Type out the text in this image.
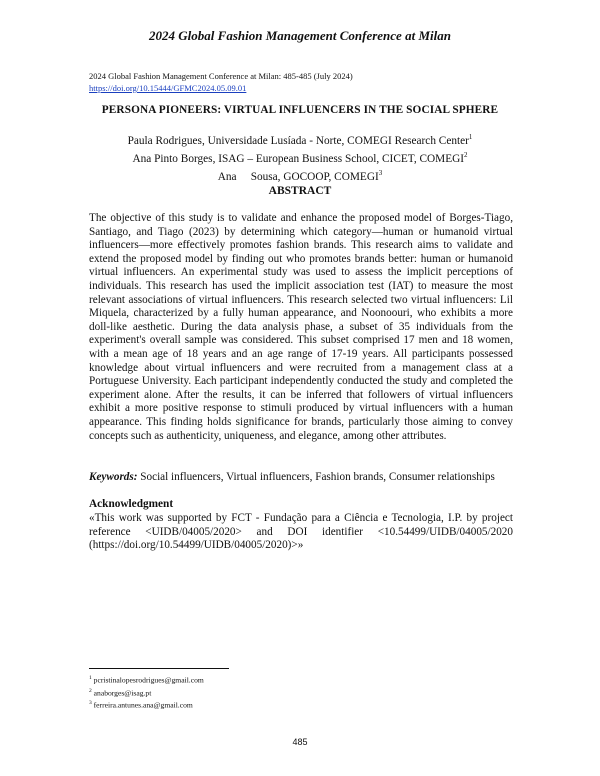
2024 Global Fashion Management Conference at Milan
2024 Global Fashion Management Conference at Milan: 485-485 (July 2024)
https://doi.org/10.15444/GFMC2024.05.09.01
PERSONA PIONEERS: VIRTUAL INFLUENCERS IN THE SOCIAL SPHERE
Paula Rodrigues, Universidade Lusíada - Norte, COMEGI Research Center$^1$
Ana Pinto Borges, ISAG – European Business School, CICET, COMEGI$^2$
Ana     Sousa, GOCOOP, COMEGI$^3$
ABSTRACT
The objective of this study is to validate and enhance the proposed model of Borges-Tiago, Santiago, and Tiago (2023) by determining which category—human or humanoid virtual influencers—more effectively promotes fashion brands. This research aims to validate and extend the proposed model by finding out who promotes brands better: human or humanoid virtual influencers. An experimental study was used to assess the implicit perceptions of individuals. This research has used the implicit association test (IAT) to measure the most relevant associations of virtual influencers. This research selected two virtual influencers: Lil Miquela, characterized by a fully human appearance, and Noonoouri, who exhibits a more doll-like aesthetic. During the data analysis phase, a subset of 35 individuals from the experiment's overall sample was considered. This subset comprised 17 men and 18 women, with a mean age of 18 years and an age range of 17-19 years. All participants possessed knowledge about virtual influencers and were recruited from a management class at a Portuguese University. Each participant independently conducted the study and completed the experiment alone. After the results, it can be inferred that followers of virtual influencers exhibit a more positive response to stimuli produced by virtual influencers with a human appearance. This finding holds significance for brands, particularly those aiming to convey concepts such as authenticity, uniqueness, and elegance, among other attributes.
Keywords: Social influencers, Virtual influencers, Fashion brands, Consumer relationships
Acknowledgment
«This work was supported by FCT - Fundação para a Ciência e Tecnologia, I.P. by project reference <UIDB/04005/2020> and DOI identifier <10.54499/UIDB/04005/2020 (https://doi.org/10.54499/UIDB/04005/2020)>»
$^1$ pcristinalopesrodrigues@gmail.com
$^2$ anaborges@isag.pt
$^3$ ferreira.antunes.ana@gmail.com
485
